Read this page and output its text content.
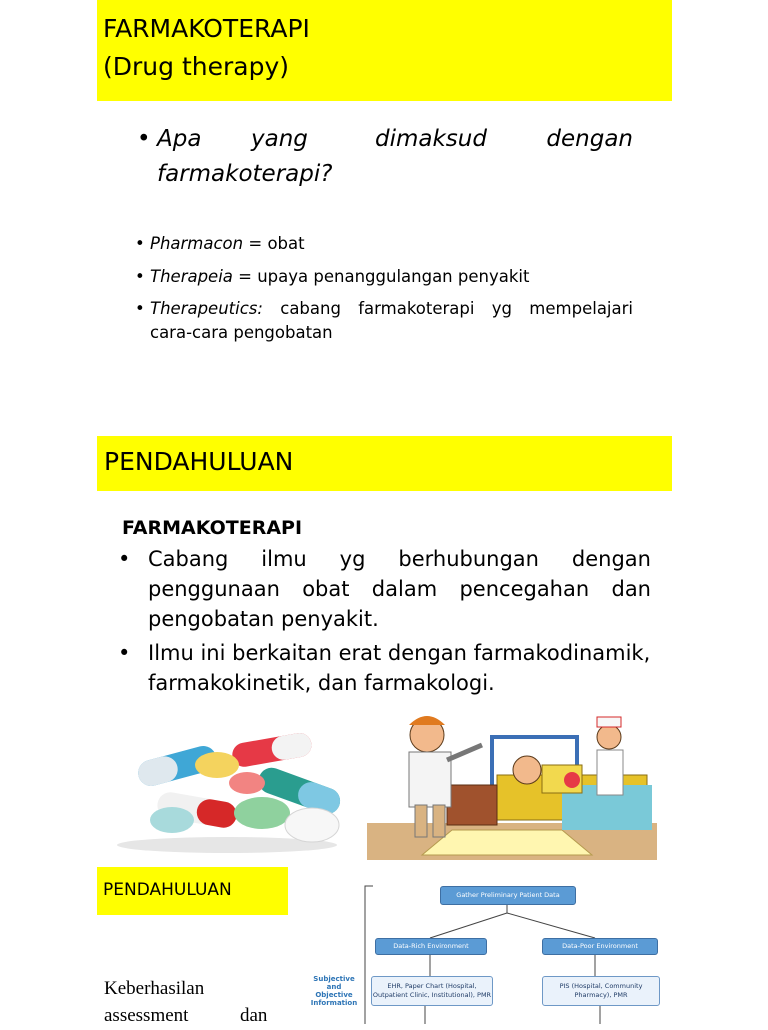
FARMAKOTERAPI
(Drug therapy)
• Apa yang	dimaksud	dengan
farmakoterapi?
• Pharmacon = obat
• Therapeia = upaya penanggulangan penyakit
• Therapeutics: cabang farmakoterapi yg mempelajari
cara-cara pengobatan
PENDAHULUAN
FARMAKOTERAPI
• Cabang ilmu yg berhubungan dengan
penggunaan obat dalam pencegahan dan
pengobatan penyakit.
• Ilmu ini berkaitan erat dengan farmakodinamik,
farmakokinetik, dan farmakologi.
PENDAHULUAN
Keberhasilan
assessment	dan
Gather Preliminary Patient Data
Data-Rich Environment	Data-Poor Environment
Subjective and Objective Information
EHR, Paper Chart (Hospital, Outpatient Clinic, Institutional), PMR
PIS (Hospital, Community Pharmacy), PMR
